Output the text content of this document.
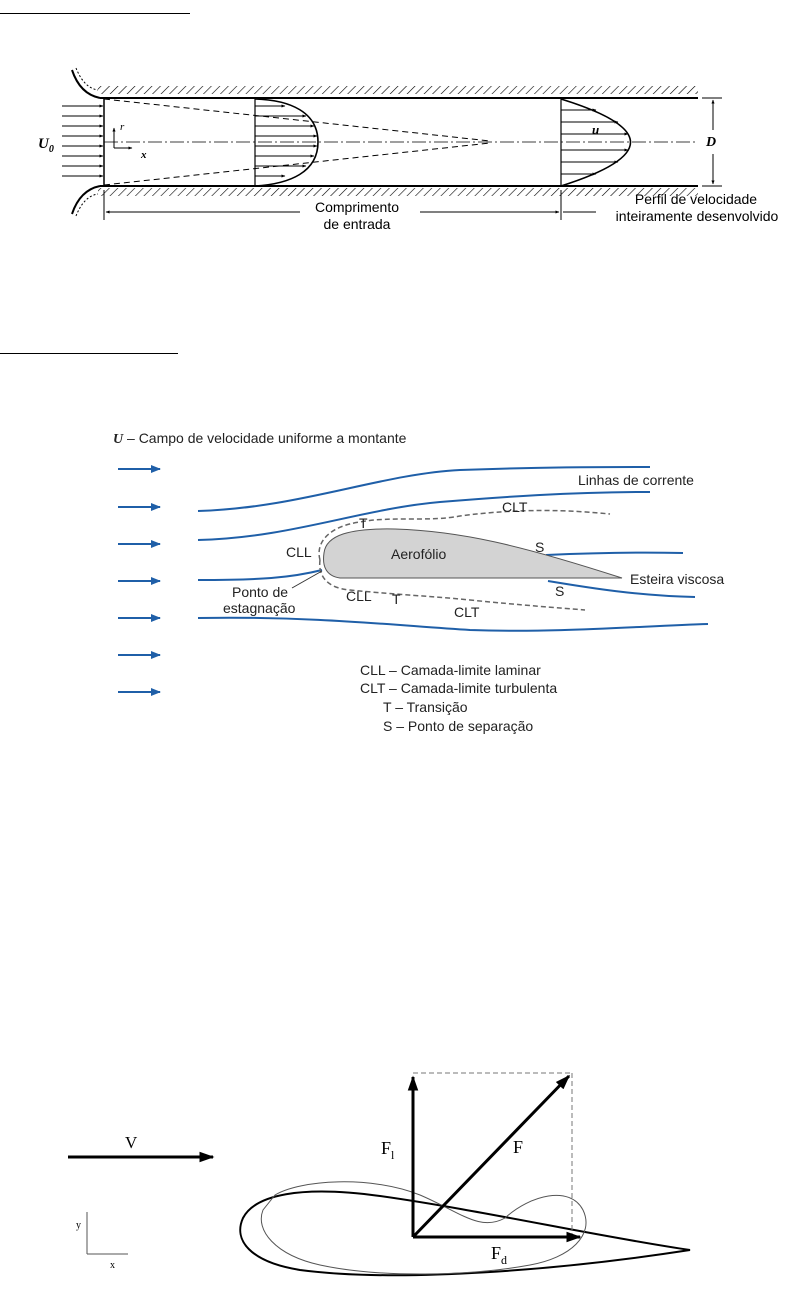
$U_0$
r
x
u
D
Comprimento
de entrada
Perfil de velocidade
inteiramente desenvolvido
U – Campo de velocidade uniforme a montante
Linhas de corrente
CLT
T
S
CLL	Aerofólio
Esteira viscosa
Ponto de
estagnação
CLL T
CLT
S
CLL – Camada-limite laminar
CLT – Camada-limite turbulenta
T – Transição
S – Ponto de separação
V
y
x
$F_l$	F
$F_d$
